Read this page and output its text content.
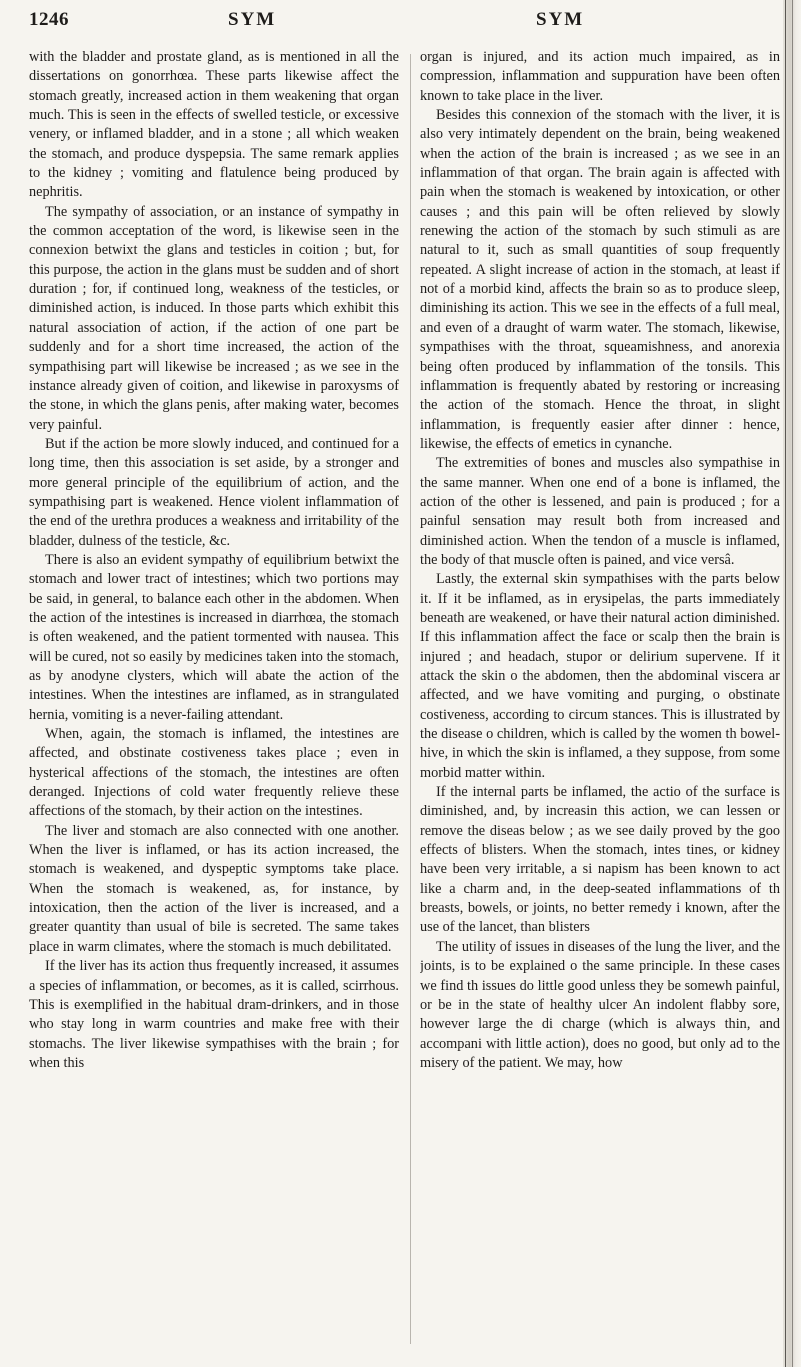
1246	SYM	SYM

with the bladder and prostate gland, as is mentioned in all the dissertations on gonorrhœa. These parts likewise affect the stomach greatly, increased action in them weakening that organ much. This is seen in the effects of swelled testicle, or excessive venery, or inflamed bladder, and in a stone ; all which weaken the stomach, and produce dyspepsia. The same remark applies to the kidney ; vomiting and flatulence being produced by nephritis.

The sympathy of association, or an instance of sympathy in the common acceptation of the word, is likewise seen in the connexion betwixt the glans and testicles in coition ; but, for this purpose, the action in the glans must be sudden and of short duration ; for, if continued long, weakness of the testicles, or diminished action, is induced. In those parts which exhibit this natural association of action, if the action of one part be suddenly and for a short time increased, the action of the sympathising part will likewise be increased ; as we see in the instance already given of coition, and likewise in paroxysms of the stone, in which the glans penis, after making water, becomes very painful.

But if the action be more slowly induced, and continued for a long time, then this association is set aside, by a stronger and more general principle of the equilibrium of action, and the sympathising part is weakened. Hence violent inflammation of the end of the urethra produces a weakness and irritability of the bladder, dulness of the testicle, &c.

There is also an evident sympathy of equilibrium betwixt the stomach and lower tract of intestines; which two portions may be said, in general, to balance each other in the abdomen. When the action of the intestines is increased in diarrhœa, the stomach is often weakened, and the patient tormented with nausea. This will be cured, not so easily by medicines taken into the stomach, as by anodyne clysters, which will abate the action of the intestines. When the intestines are inflamed, as in strangulated hernia, vomiting is a never-failing attendant.

When, again, the stomach is inflamed, the intestines are affected, and obstinate costiveness takes place ; even in hysterical affections of the stomach, the intestines are often deranged. Injections of cold water frequently relieve these affections of the stomach, by their action on the intestines.

The liver and stomach are also connected with one another. When the liver is inflamed, or has its action increased, the stomach is weakened, and dyspeptic symptoms take place. When the stomach is weakened, as, for instance, by intoxication, then the action of the liver is increased, and a greater quantity than usual of bile is secreted. The same takes place in warm climates, where the stomach is much debilitated.

If the liver has its action thus frequently increased, it assumes a species of inflammation, or becomes, as it is called, scirrhous. This is exemplified in the habitual dram-drinkers, and in those who stay long in warm countries and make free with their stomachs. The liver likewise sympathises with the brain ; for when this

organ is injured, and its action much impaired, as in compression, inflammation and suppuration have been often known to take place in the liver.

Besides this connexion of the stomach with the liver, it is also very intimately dependent on the brain, being weakened when the action of the brain is increased ; as we see in an inflammation of that organ. The brain again is affected with pain when the stomach is weakened by intoxication, or other causes ; and this pain will be often relieved by slowly renewing the action of the stomach by such stimuli as are natural to it, such as small quantities of soup frequently repeated. A slight increase of action in the stomach, at least if not of a morbid kind, affects the brain so as to produce sleep, diminishing its action. This we see in the effects of a full meal, and even of a draught of warm water. The stomach, likewise, sympathises with the throat, squeamishness, and anorexia being often produced by inflammation of the tonsils. This inflammation is frequently abated by restoring or increasing the action of the stomach. Hence the throat, in slight inflammation, is frequently easier after dinner : hence, likewise, the effects of emetics in cynanche.

The extremities of bones and muscles also sympathise in the same manner. When one end of a bone is inflamed, the action of the other is lessened, and pain is produced ; for a painful sensation may result both from increased and diminished action. When the tendon of a muscle is inflamed, the body of that muscle often is pained, and vice versâ.

Lastly, the external skin sympathises with the parts below it. If it be inflamed, as in erysipelas, the parts immediately beneath are weakened, or have their natural action diminished. If this inflammation affect the face or scalp then the brain is injured ; and headach, stupor or delirium supervene. If it attack the skin o the abdomen, then the abdominal viscera ar affected, and we have vomiting and purging, o obstinate costiveness, according to circum stances. This is illustrated by the disease o children, which is called by the women th bowel-hive, in which the skin is inflamed, a they suppose, from some morbid matter within.

If the internal parts be inflamed, the actio of the surface is diminished, and, by increasin this action, we can lessen or remove the diseas below ; as we see daily proved by the goo effects of blisters. When the stomach, intes tines, or kidney have been very irritable, a si napism has been known to act like a charm and, in the deep-seated inflammations of th breasts, bowels, or joints, no better remedy i known, after the use of the lancet, than blisters

The utility of issues in diseases of the lung the liver, and the joints, is to be explained o the same principle. In these cases we find th issues do little good unless they be somewh painful, or be in the state of healthy ulcer An indolent flabby sore, however large the di charge (which is always thin, and accompani with little action), does no good, but only ad to the misery of the patient. We may, how
